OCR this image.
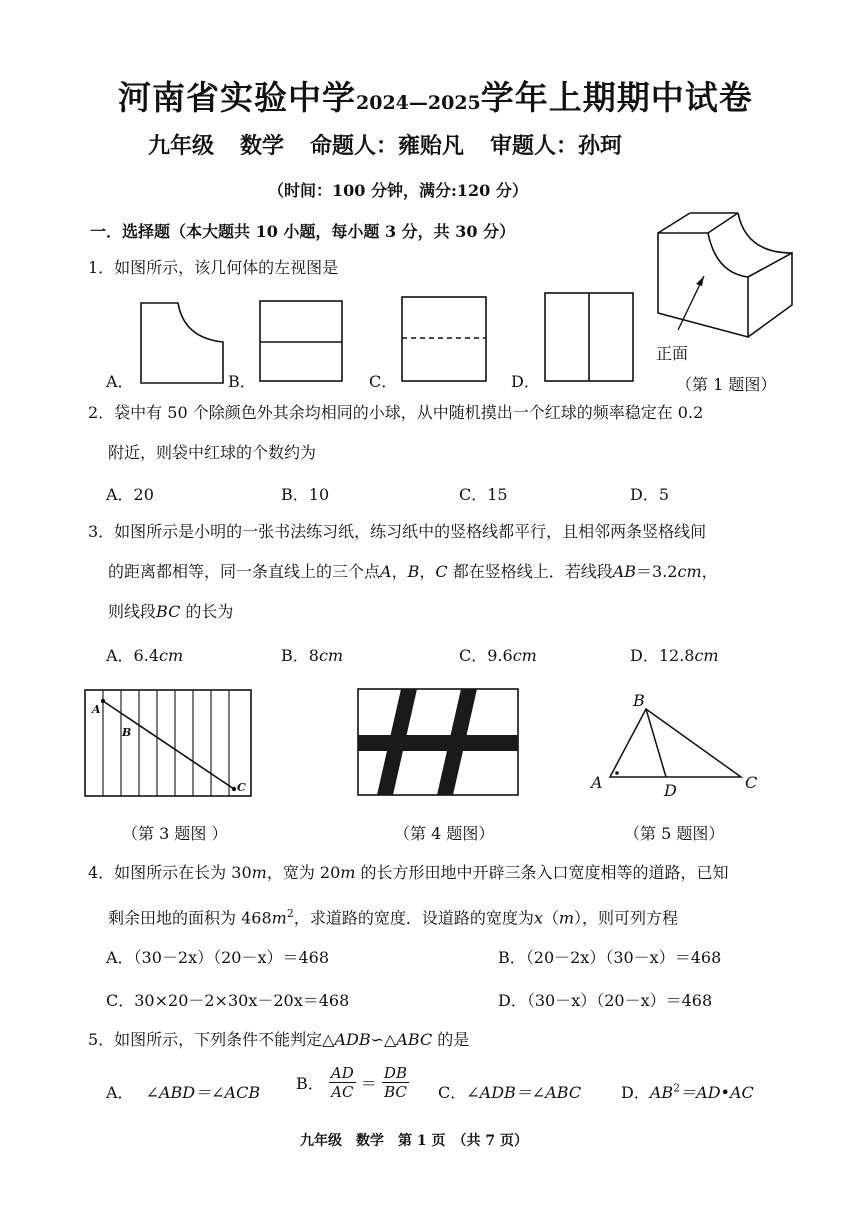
河南省实验中学2024—2025学年上期期中试卷
九年级 数学 命题人：雍贻凡 审题人：孙珂
（时间：100 分钟，满分:120 分）
一．选择题（本大题共 10 小题，每小题 3 分，共 30 分）
1．如图所示，该几何体的左视图是
正面
（第 1 题图）
A．	B．	C．	D．
2．袋中有 50 个除颜色外其余均相同的小球，从中随机摸出一个红球的频率稳定在 0.2
附近，则袋中红球的个数约为
A．20	B．10	C．15	D．5
3．如图所示是小明的一张书法练习纸，练习纸中的竖格线都平行，且相邻两条竖格线间
的距离都相等，同一条直线上的三个点A，B，C 都在竖格线上．若线段AB＝3.2cm，
则线段BC 的长为
A．6.4cm	B．8cm	C．9.6cm	D．12.8cm
A
B
C
（第 3 题图 ）	（第 4 题图）
B
A	D	C
（第 5 题图）
4．如图所示在长为 30m，宽为 20m 的长方形田地中开辟三条入口宽度相等的道路，已知
剩余田地的面积为 $468m^2$，求道路的宽度．设道路的宽度为x（m），则可列方程
A．（30－2x）（20－x）＝468	B．（20－2x）（30－x）＝468
C．30×20－2×30x－20x＝468	D．（30－x）（20－x）＝468
5．如图所示，下列条件不能判定△ADB∽△ABC 的是
A． ∠ABD＝∠ACB B． $\frac{AD}{AC} = \frac{DB}{BC}$ C．∠ADB＝∠ABC D．$AB^2=AD•AC$
九年级　数学　第 1 页　（共 7 页）
